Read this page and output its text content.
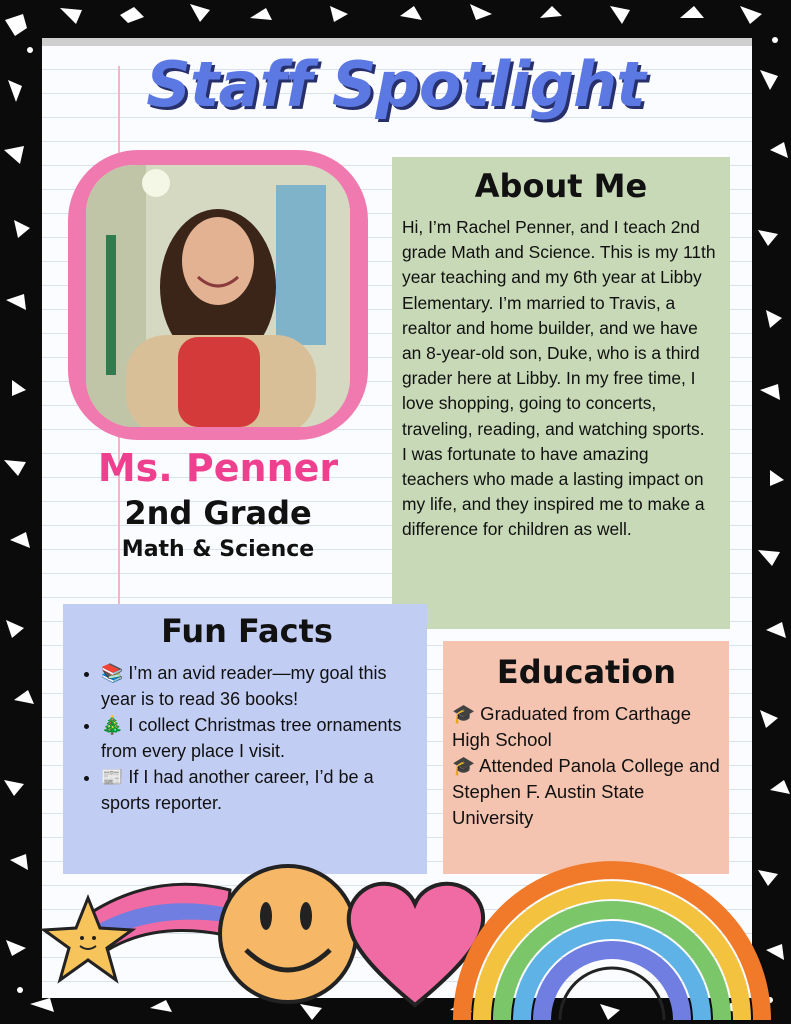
Staff Spotlight
Ms. Penner
2nd Grade
Math & Science
About Me

Hi, I’m Rachel Penner, and I teach 2nd grade Math and Science. This is my 11th year teaching and my 6th year at Libby Elementary. I’m married to Travis, a realtor and home builder, and we have an 8-year-old son, Duke, who is a third grader here at Libby. In my free time, I love shopping, going to concerts, traveling, reading, and watching sports.

I was fortunate to have amazing teachers who made a lasting impact on my life, and they inspired me to make a difference for children as well.

Fun Facts
• 📚 I’m an avid reader—my goal this year is to read 36 books!
• 🎄 I collect Christmas tree ornaments from every place I visit.
• 📰 If I had another career, I’d be a sports reporter.
Education
🎓 Graduated from Carthage High School
🎓 Attended Panola College and Stephen F. Austin State University
